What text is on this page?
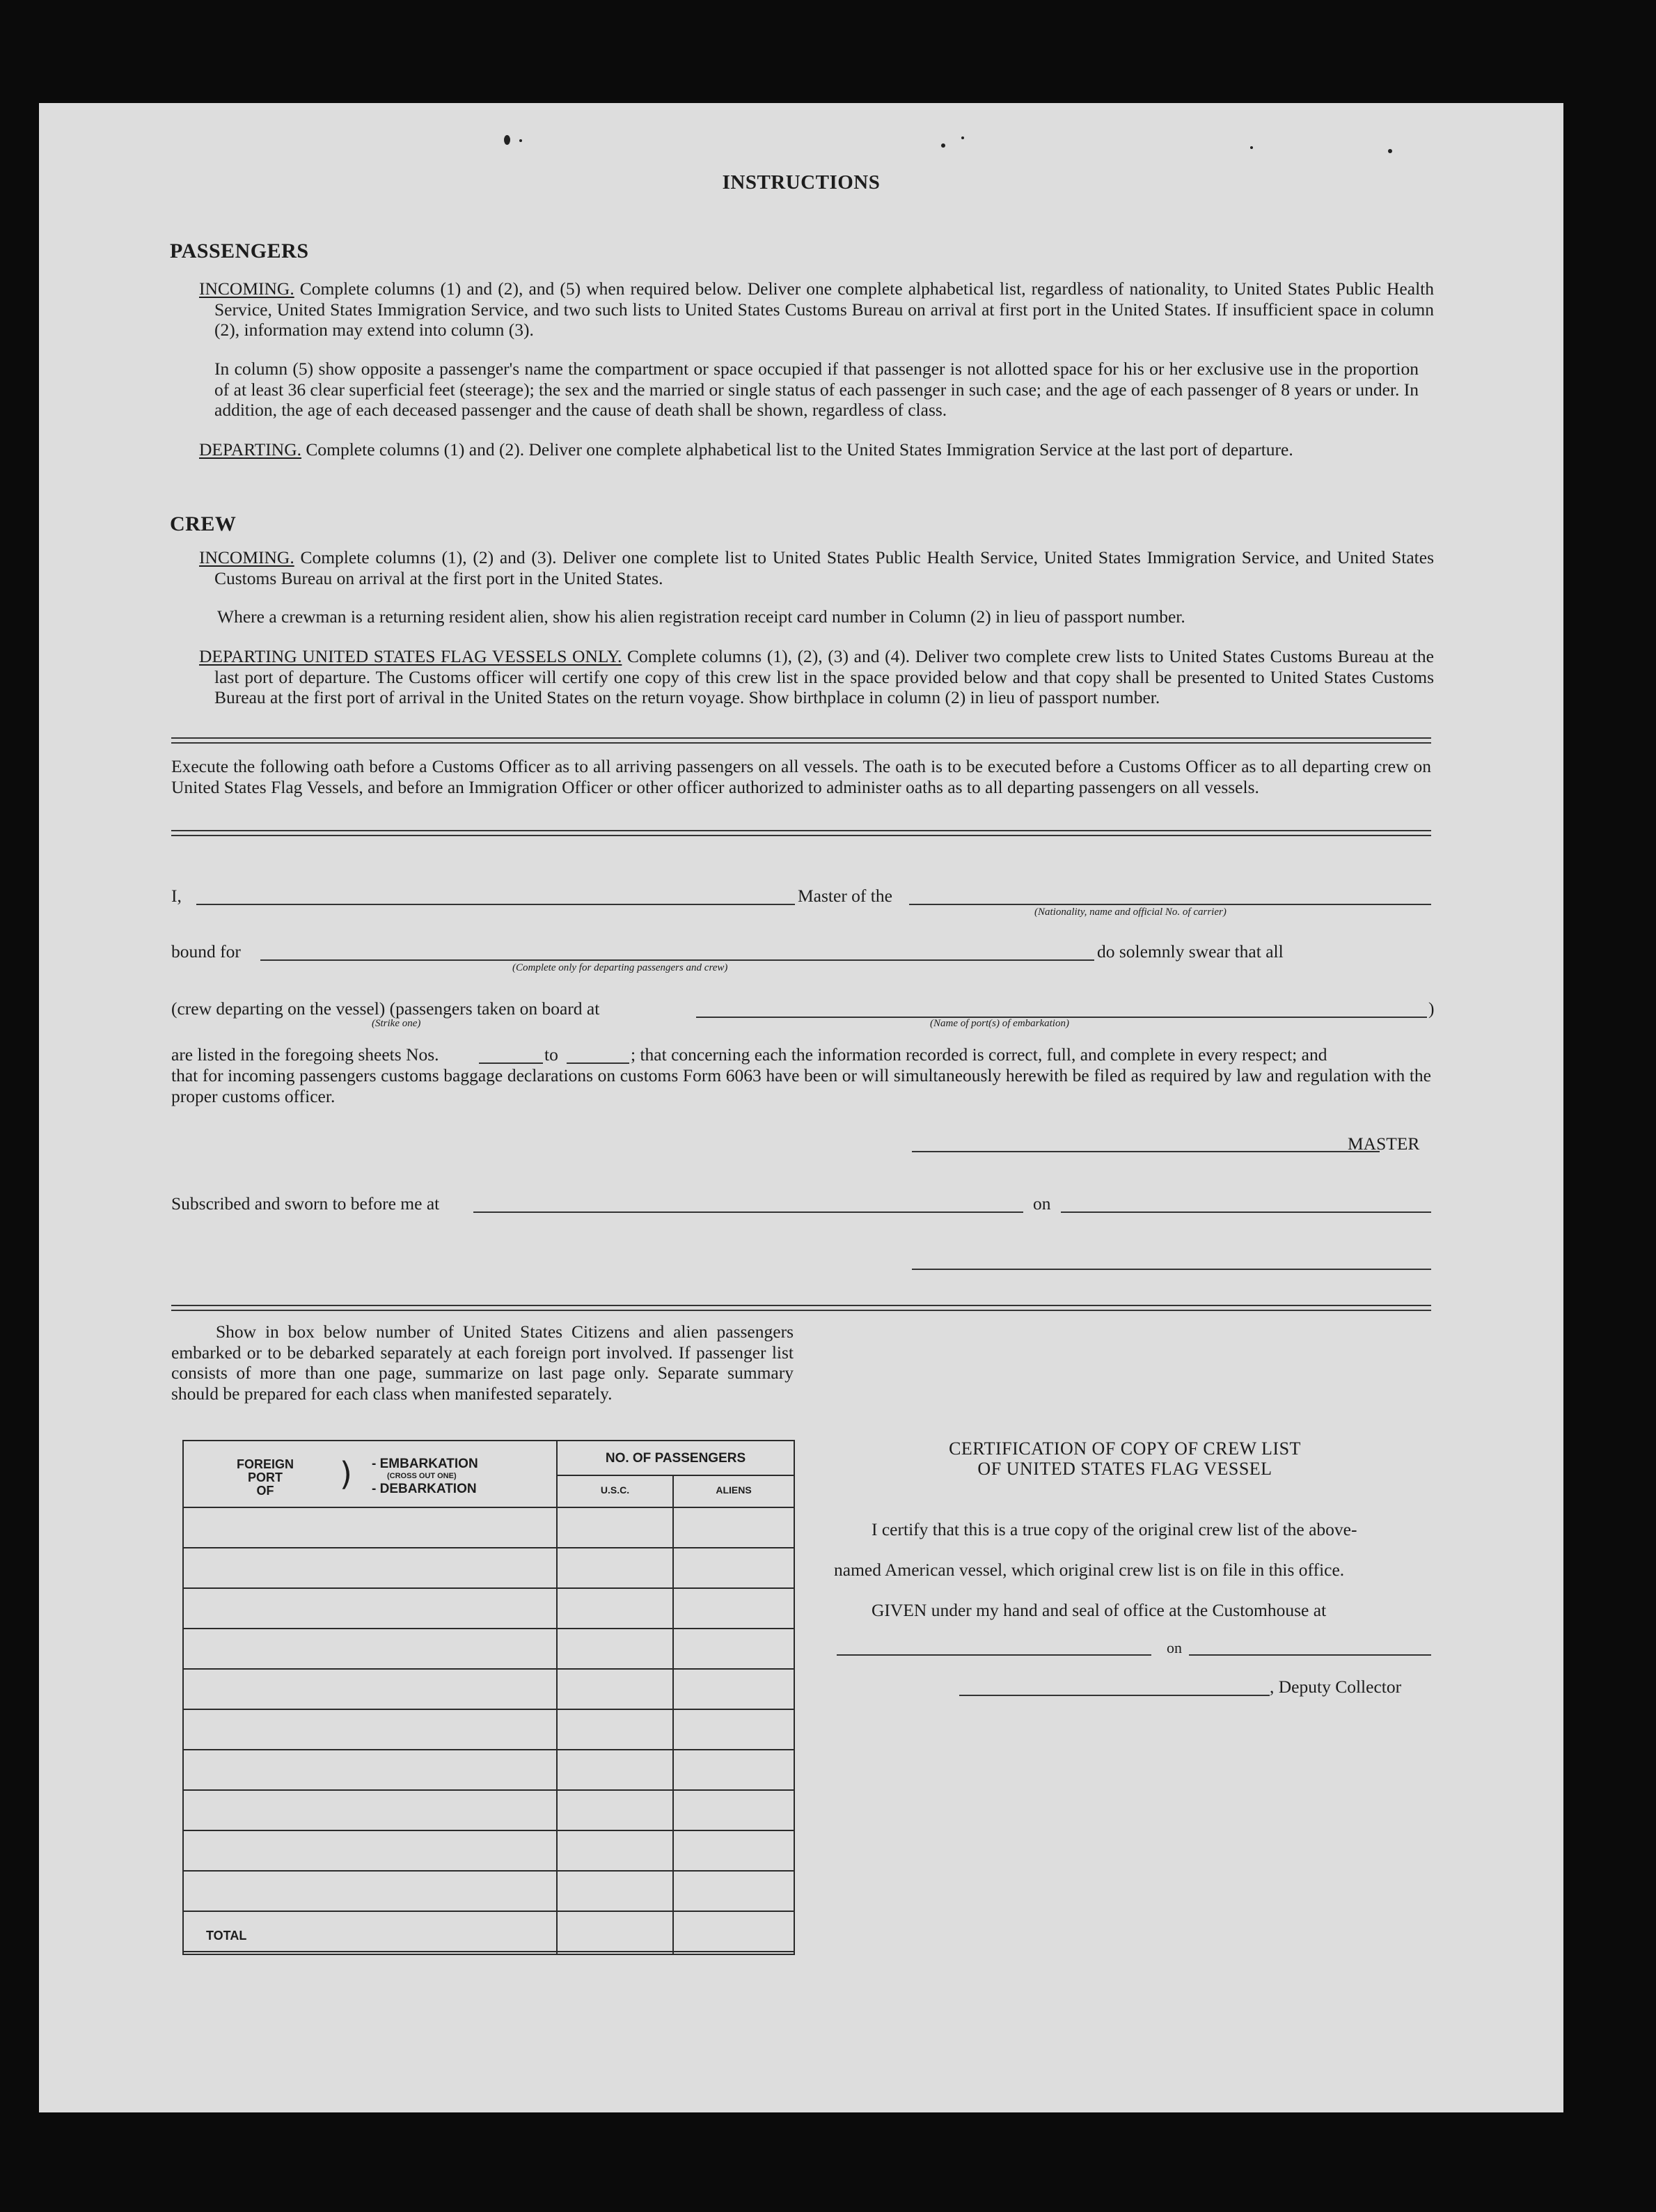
INSTRUCTIONS
PASSENGERS
INCOMING. Complete columns (1) and (2), and (5) when required below. Deliver one complete alphabetical list, regardless of nationality, to United States Public Health Service, United States Immigration Service, and two such lists to United States Customs Bureau on arrival at first port in the United States. If insufficient space in column (2), information may extend into column (3).
In column (5) show opposite a passenger's name the compartment or space occupied if that passenger is not allotted space for his or her exclusive use in the proportion of at least 36 clear superficial feet (steerage); the sex and the married or single status of each passenger in such case; and the age of each passenger of 8 years or under. In addition, the age of each deceased passenger and the cause of death shall be shown, regardless of class.
DEPARTING. Complete columns (1) and (2). Deliver one complete alphabetical list to the United States Immigration Service at the last port of departure.
CREW
INCOMING. Complete columns (1), (2) and (3). Deliver one complete list to United States Public Health Service, United States Immigration Service, and United States Customs Bureau on arrival at the first port in the United States.
Where a crewman is a returning resident alien, show his alien registration receipt card number in Column (2) in lieu of passport number.
DEPARTING UNITED STATES FLAG VESSELS ONLY. Complete columns (1), (2), (3) and (4). Deliver two complete crew lists to United States Customs Bureau at the last port of departure. The Customs officer will certify one copy of this crew list in the space provided below and that copy shall be presented to United States Customs Bureau at the first port of arrival in the United States on the return voyage. Show birthplace in column (2) in lieu of passport number.
Execute the following oath before a Customs Officer as to all arriving passengers on all vessels. The oath is to be executed before a Customs Officer as to all departing crew on United States Flag Vessels, and before an Immigration Officer or other officer authorized to administer oaths as to all departing passengers on all vessels.
I,	Master of the
(Nationality, name and official No. of carrier)
bound for	do solemnly swear that all
(Complete only for departing passengers and crew)
(crew departing on the vessel) (passengers taken on board at
(Strike one)
)
(Name of port(s) of embarkation)
are listed in the foregoing sheets Nos.	to	; that concerning each the information recorded is correct, full, and complete in every respect; and
that for incoming passengers customs baggage declarations on customs Form 6063 have been or will simultaneously herewith be filed as required by law and regulation with the proper customs officer.
MASTER
Subscribed and sworn to before me at	on
Show in box below number of United States Citizens and alien passengers embarked or to be debarked separately at each foreign port involved. If passenger list consists of more than one page, summarize on last page only. Separate summary should be prepared for each class when manifested separately.
FOREIGN
PORT
OF	) - EMBARKATION
(CROSS OUT ONE)
- DEBARKATION
NO. OF PASSENGERS
U.S.C.	ALIENS
TOTAL
CERTIFICATION OF COPY OF CREW LIST
OF UNITED STATES FLAG VESSEL
I certify that this is a true copy of the original crew list of the above-
named American vessel, which original crew list is on file in this office.
GIVEN under my hand and seal of office at the Customhouse at
on
, Deputy Collector
